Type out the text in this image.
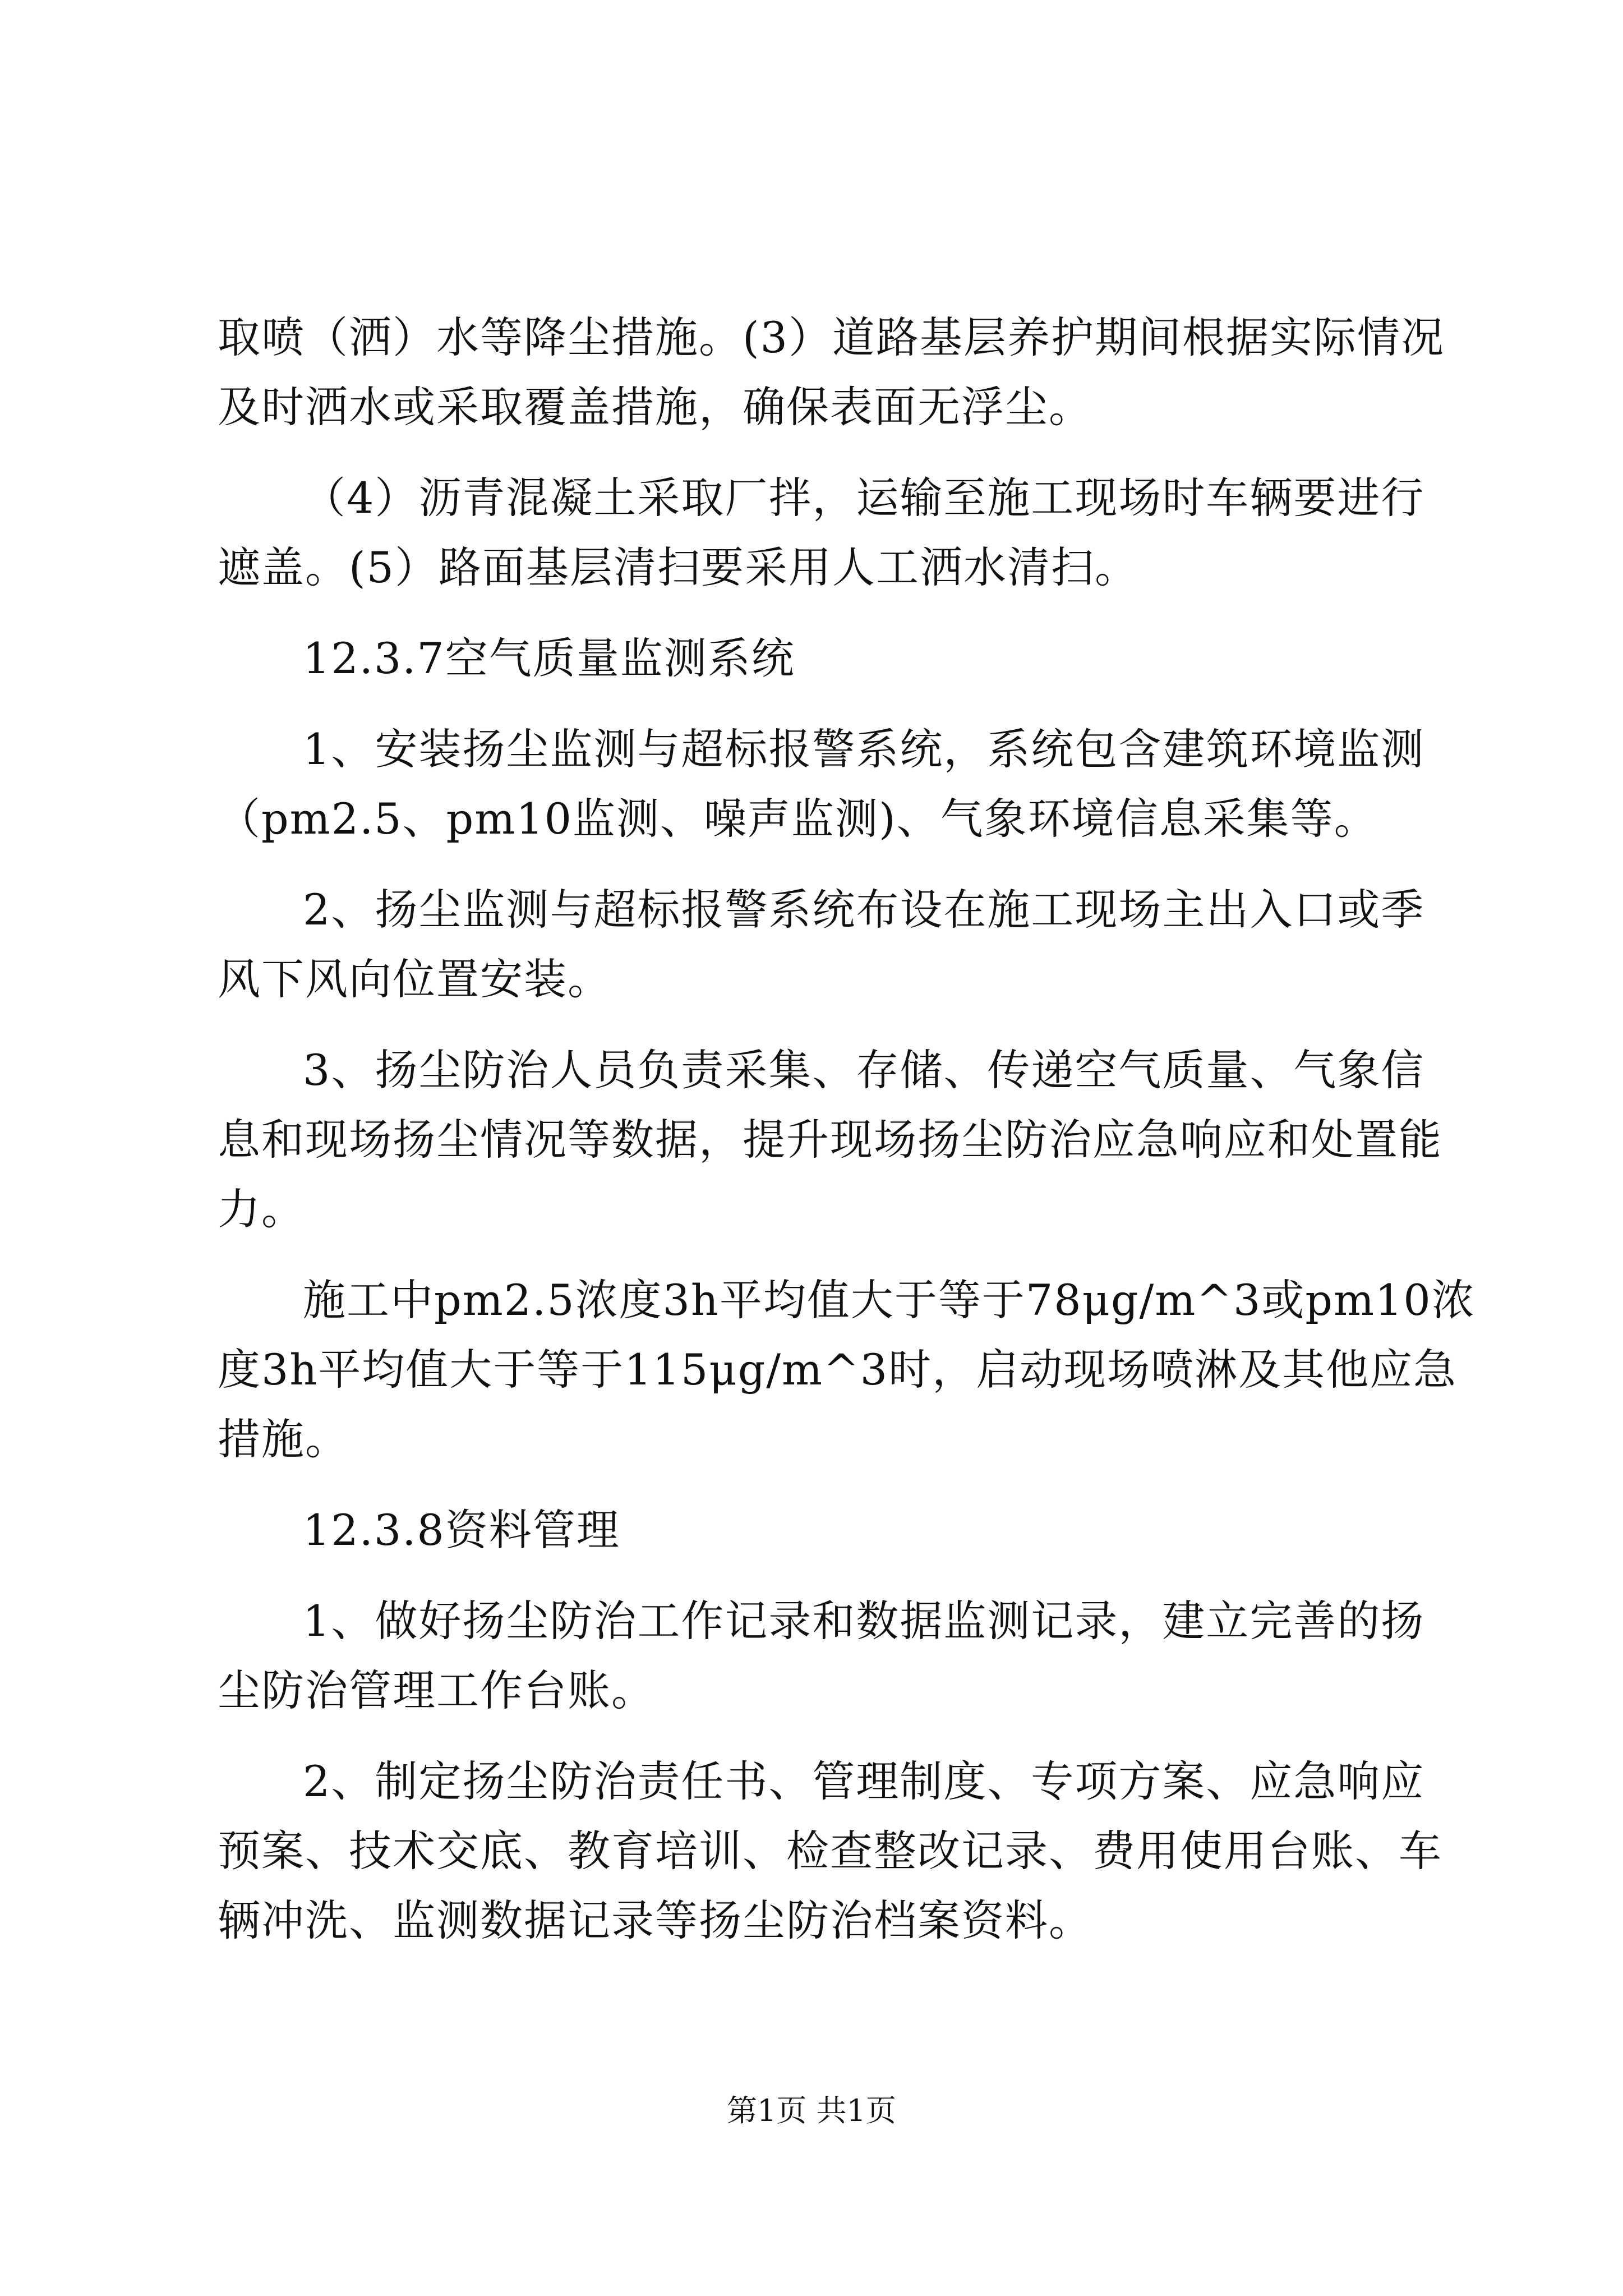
取喷（洒）水等降尘措施。(3）道路基层养护期间根据实际情况
及时洒水或采取覆盖措施，确保表面无浮尘。
（4）沥青混凝土采取厂拌，运输至施工现场时车辆要进行
遮盖。(5）路面基层清扫要采用人工洒水清扫。
12.3.7空气质量监测系统
1、安装扬尘监测与超标报警系统，系统包含建筑环境监测
（pm2.5、pm10监测、噪声监测)、气象环境信息采集等。
2、扬尘监测与超标报警系统布设在施工现场主出入口或季
风下风向位置安装。
3、扬尘防治人员负责采集、存储、传递空气质量、气象信
息和现场扬尘情况等数据，提升现场扬尘防治应急响应和处置能
力。
施工中pm2.5浓度3h平均值大于等于78μg/m^3或pm10浓
度3h平均值大于等于115μg/m^3时，启动现场喷淋及其他应急
措施。
12.3.8资料管理
1、做好扬尘防治工作记录和数据监测记录，建立完善的扬
尘防治管理工作台账。
2、制定扬尘防治责任书、管理制度、专项方案、应急响应
预案、技术交底、教育培训、检查整改记录、费用使用台账、车
辆冲洗、监测数据记录等扬尘防治档案资料。
第1页 共1页
